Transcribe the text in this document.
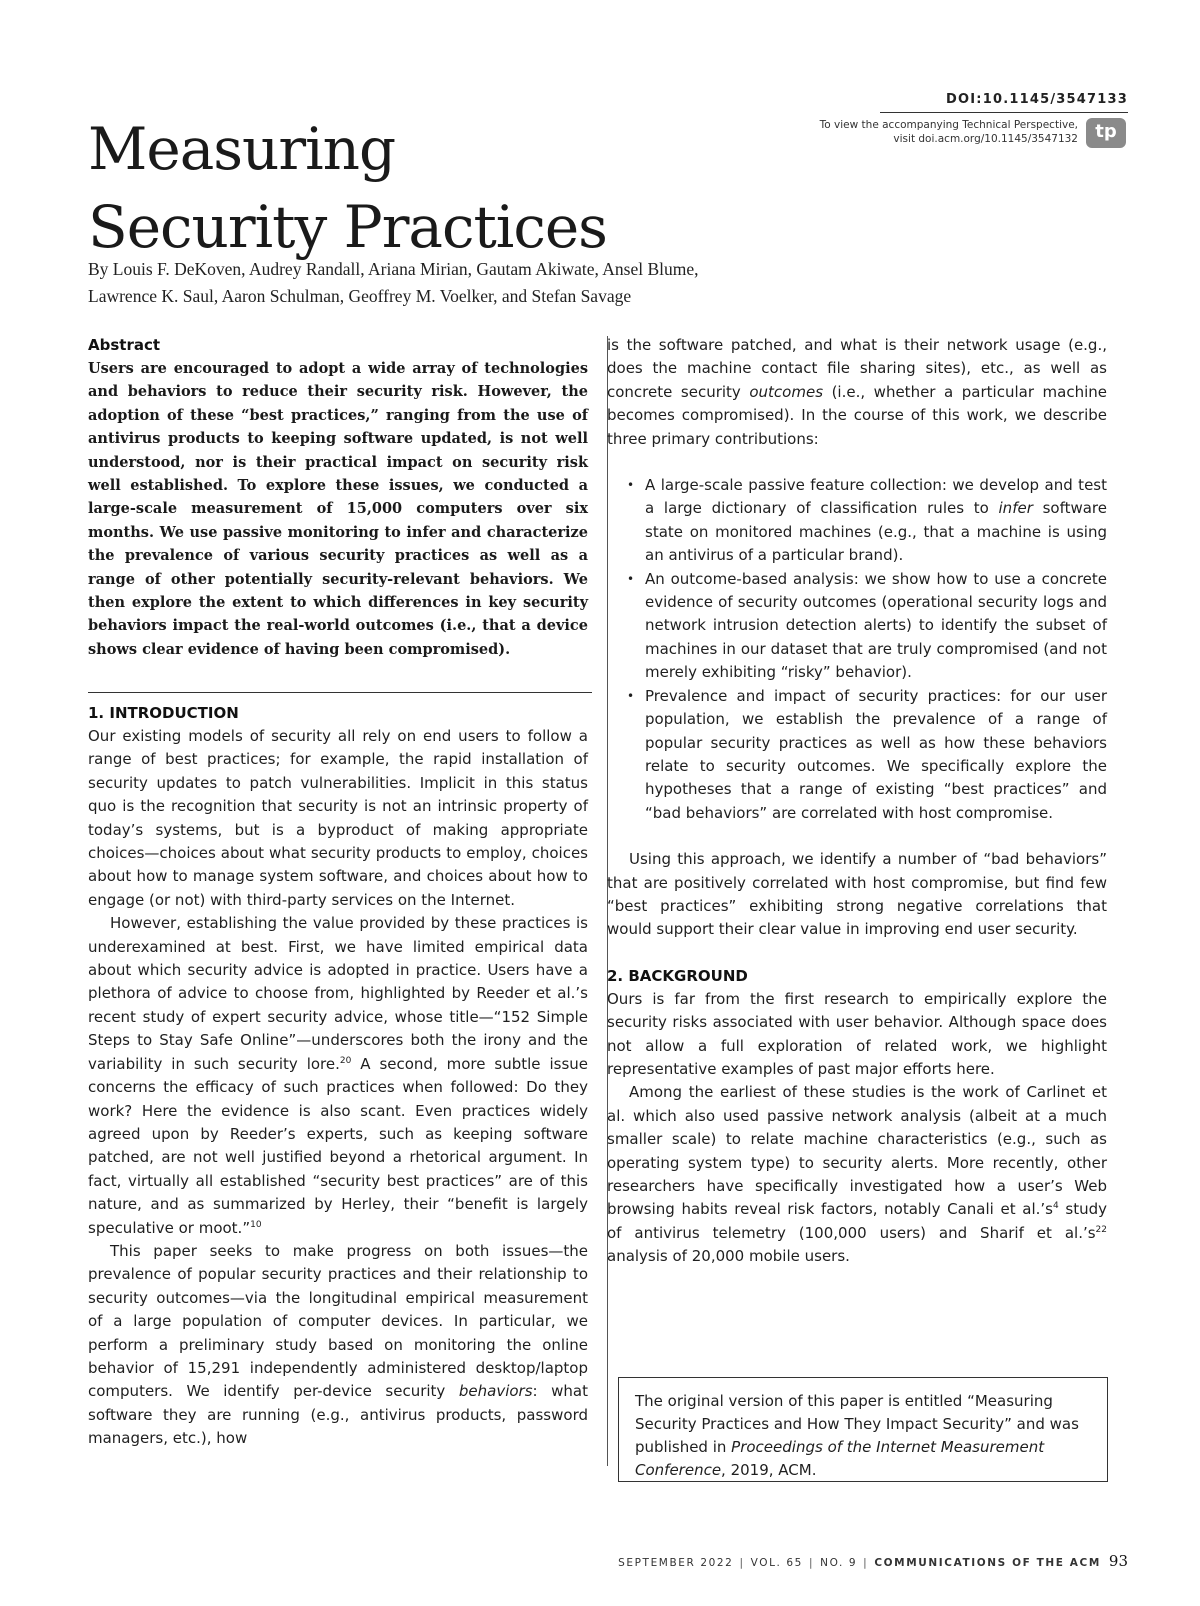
DOI:10.1145/3547133
To view the accompanying Technical Perspective,
visit doi.acm.org/10.1145/3547132 tp
Measuring
Security Practices
By Louis F. DeKoven, Audrey Randall, Ariana Mirian, Gautam Akiwate, Ansel Blume,
Lawrence K. Saul, Aaron Schulman, Geoffrey M. Voelker, and Stefan Savage
Abstract

Users are encouraged to adopt a wide array of technologies and behaviors to reduce their security risk. However, the adoption of these “best practices,” ranging from the use of antivirus products to keeping software updated, is not well understood, nor is their practical impact on security risk well established. To explore these issues, we conducted a large-scale measurement of 15,000 computers over six months. We use passive monitoring to infer and characterize the prevalence of various security practices as well as a range of other potentially security-relevant behaviors. We then explore the extent to which differences in key security behaviors impact the real-world outcomes (i.e., that a device shows clear evidence of having been compromised).

1. INTRODUCTION

Our existing models of security all rely on end users to follow a range of best practices; for example, the rapid installation of security updates to patch vulnerabilities. Implicit in this status quo is the recognition that security is not an intrinsic property of today’s systems, but is a byproduct of making appropriate choices—choices about what security products to employ, choices about how to manage system software, and choices about how to engage (or not) with third-party services on the Internet.

However, establishing the value provided by these practices is underexamined at best. First, we have limited empirical data about which security advice is adopted in practice. Users have a plethora of advice to choose from, highlighted by Reeder et al.’s recent study of expert security advice, whose title—“152 Simple Steps to Stay Safe Online”—underscores both the irony and the variability in such security lore.$^{20}$ A second, more subtle issue concerns the efficacy of such practices when followed: Do they work? Here the evidence is also scant. Even practices widely agreed upon by Reeder’s experts, such as keeping software patched, are not well justified beyond a rhetorical argument. In fact, virtually all established “security best practices” are of this nature, and as summarized by Herley, their “benefit is largely speculative or moot.”$^{10}$
This paper seeks to make progress on both issues—the prevalence of popular security practices and their relationship to security outcomes—via the longitudinal empirical measurement of a large population of computer devices. In particular, we perform a preliminary study based on monitoring the online behavior of 15,291 independently administered desktop/laptop computers. We identify per-device security behaviors: what software they are running (e.g., antivirus products, password managers, etc.), how
is the software patched, and what is their network usage (e.g., does the machine contact file sharing sites), etc., as well as concrete security outcomes (i.e., whether a particular machine becomes compromised). In the course of this work, we describe three primary contributions:
• A large-scale passive feature collection: we develop and test a large dictionary of classification rules to infer software state on monitored machines (e.g., that a machine is using an antivirus of a particular brand).
• An outcome-based analysis: we show how to use a concrete evidence of security outcomes (operational security logs and network intrusion detection alerts) to identify the subset of machines in our dataset that are truly compromised (and not merely exhibiting “risky” behavior).
• Prevalence and impact of security practices: for our user population, we establish the prevalence of a range of popular security practices as well as how these behaviors relate to security outcomes. We specifically explore the hypotheses that a range of existing “best practices” and “bad behaviors” are correlated with host compromise.

Using this approach, we identify a number of “bad behaviors” that are positively correlated with host compromise, but find few “best practices” exhibiting strong negative correlations that would support their clear value in improving end user security.

2. BACKGROUND

Ours is far from the first research to empirically explore the security risks associated with user behavior. Although space does not allow a full exploration of related work, we highlight representative examples of past major efforts here.

Among the earliest of these studies is the work of Carlinet et al. which also used passive network analysis (albeit at a much smaller scale) to relate machine characteristics (e.g., such as operating system type) to security alerts. More recently, other researchers have specifically investigated how a user’s Web browsing habits reveal risk factors, notably Canali et $al.’s^4$ study of antivirus telemetry (100,000 users) and Sharif et $al.’s^{22}$ analysis of 20,000 mobile users.
The original version of this paper is entitled “Measuring Security Practices and How They Impact Security” and was published in Proceedings of the Internet Measurement Conference, 2019, ACM.
SEPTEMBER 2022 | VOL. 65 | NO. 9 | COMMUNICATIONS OF THE ACM 93
